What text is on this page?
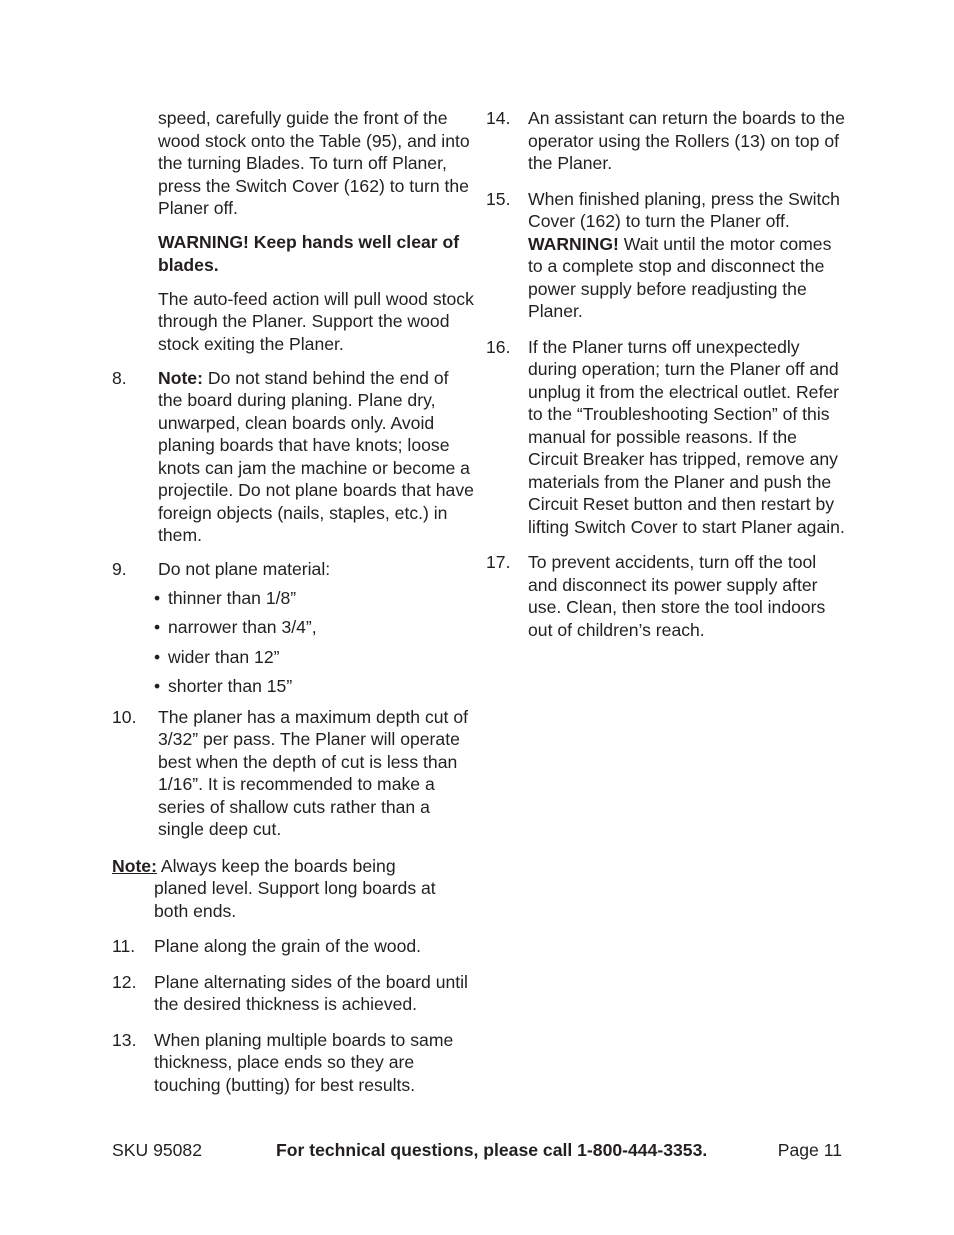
speed, carefully guide the front of the wood stock onto the Table (95), and into the turning Blades. To turn off Planer, press the Switch Cover (162) to turn the Planer off.

WARNING! Keep hands well clear of blades.

The auto-feed action will pull wood stock through the Planer. Support the wood stock exiting the Planer.

8. Note: Do not stand behind the end of the board during planing. Plane dry, unwarped, clean boards only. Avoid planing boards that have knots; loose knots can jam the machine or become a projectile. Do not plane boards that have foreign objects (nails, staples, etc.) in them.
9. Do not plane material:
• thinner than 1/8”
• narrower than 3/4”,
• wider than 12”
• shorter than 15”
10. The planer has a maximum depth cut of 3/32” per pass. The Planer will operate best when the depth of cut is less than 1/16”. It is recommended to make a series of shallow cuts rather than a single deep cut.
Note: Always keep the boards being
planed level. Support long boards at both ends.
11. Plane along the grain of the wood.
12. Plane alternating sides of the board until the desired thickness is achieved.
13. When planing multiple boards to same thickness, place ends so they are touching (butting) for best results.
14. An assistant can return the boards to the operator using the Rollers (13) on top of the Planer.
15. When finished planing, press the Switch Cover (162) to turn the Planer off. WARNING! Wait until the motor comes to a complete stop and disconnect the power supply before readjusting the Planer.
16. If the Planer turns off unexpectedly during operation; turn the Planer off and unplug it from the electrical outlet. Refer to the “Troubleshooting Section” of this manual for possible reasons. If the Circuit Breaker has tripped, remove any materials from the Planer and push the Circuit Reset button and then restart by lifting Switch Cover to start Planer again.
17. To prevent accidents, turn off the tool and disconnect its power supply after use. Clean, then store the tool indoors out of children’s reach.
SKU 95082	For technical questions, please call 1-800-444-3353.	Page 11
